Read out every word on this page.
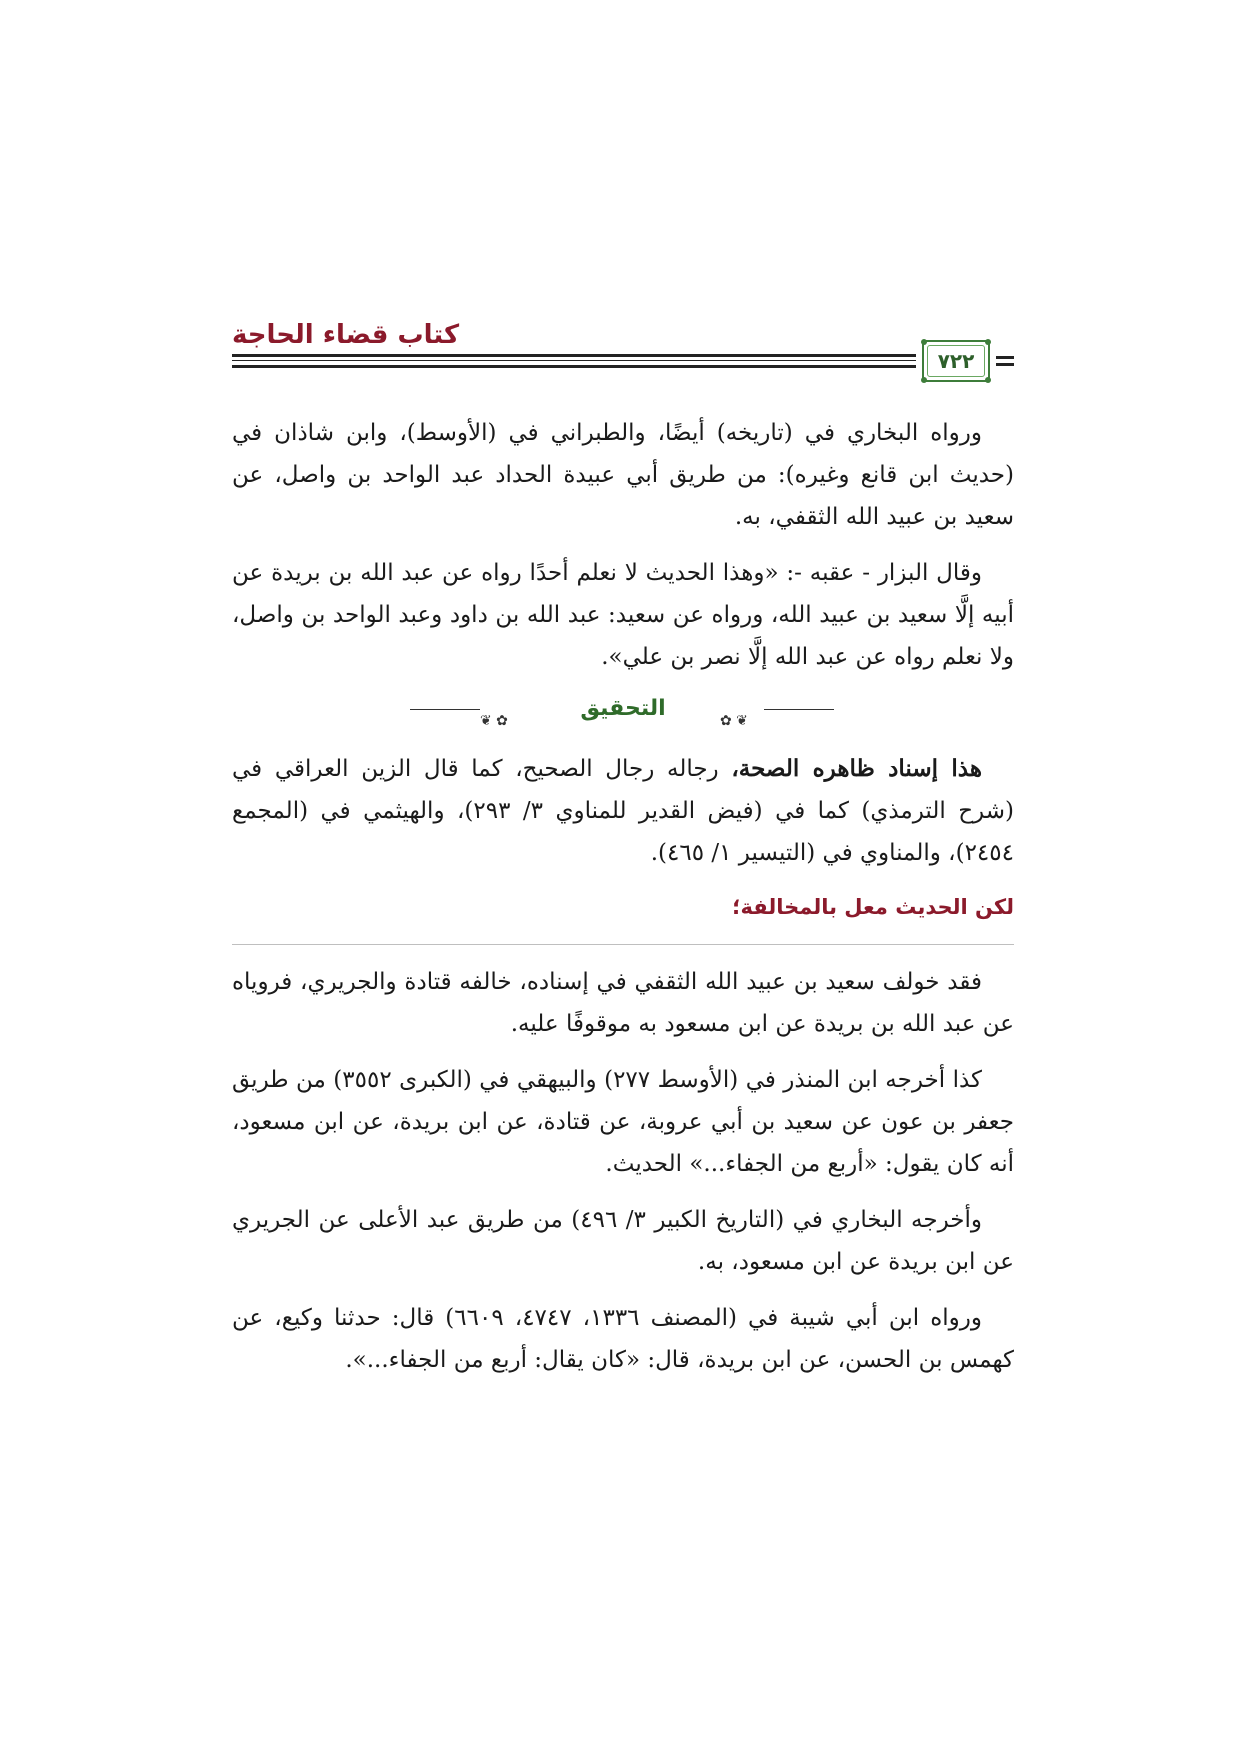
كتاب قضاء الحاجة
٧٢٢

ورواه البخاري في (تاريخه) أيضًا، والطبراني في (الأوسط)، وابن شاذان في (حديث ابن قانع وغيره): من طريق أبي عبيدة الحداد عبد الواحد بن واصل، عن سعيد بن عبيد الله الثقفي، به.

وقال البزار - عقبه -: «وهذا الحديث لا نعلم أحدًا رواه عن عبد الله بن بريدة عن أبيه إلَّا سعيد بن عبيد الله، ورواه عن سعيد: عبد الله بن داود وعبد الواحد بن واصل، ولا نعلم رواه عن عبد الله إلَّا نصر بن علي».

❦ ✿	✿ ❦
التحقيق

هذا إسناد ظاهره الصحة، رجاله رجال الصحيح، كما قال الزين العراقي في (شرح الترمذي) كما في (فيض القدير للمناوي ٣/ ٢٩٣)، والهيثمي في (المجمع ٢٤٥٤)، والمناوي في (التيسير ١/ ٤٦٥).

لكن الحديث معل بالمخالفة؛

فقد خولف سعيد بن عبيد الله الثقفي في إسناده، خالفه قتادة والجريري، فروياه عن عبد الله بن بريدة عن ابن مسعود به موقوفًا عليه.

كذا أخرجه ابن المنذر في (الأوسط ٢٧٧) والبيهقي في (الكبرى ٣٥٥٢) من طريق جعفر بن عون عن سعيد بن أبي عروبة، عن قتادة، عن ابن بريدة، عن ابن مسعود، أنه كان يقول: «أربع من الجفاء...» الحديث.

وأخرجه البخاري في (التاريخ الكبير ٣/ ٤٩٦) من طريق عبد الأعلى عن الجريري عن ابن بريدة عن ابن مسعود، به.

ورواه ابن أبي شيبة في (المصنف ١٣٣٦، ٤٧٤٧، ٦٦٠٩) قال: حدثنا وكيع، عن كهمس بن الحسن، عن ابن بريدة، قال: «كان يقال: أربع من الجفاء...».
